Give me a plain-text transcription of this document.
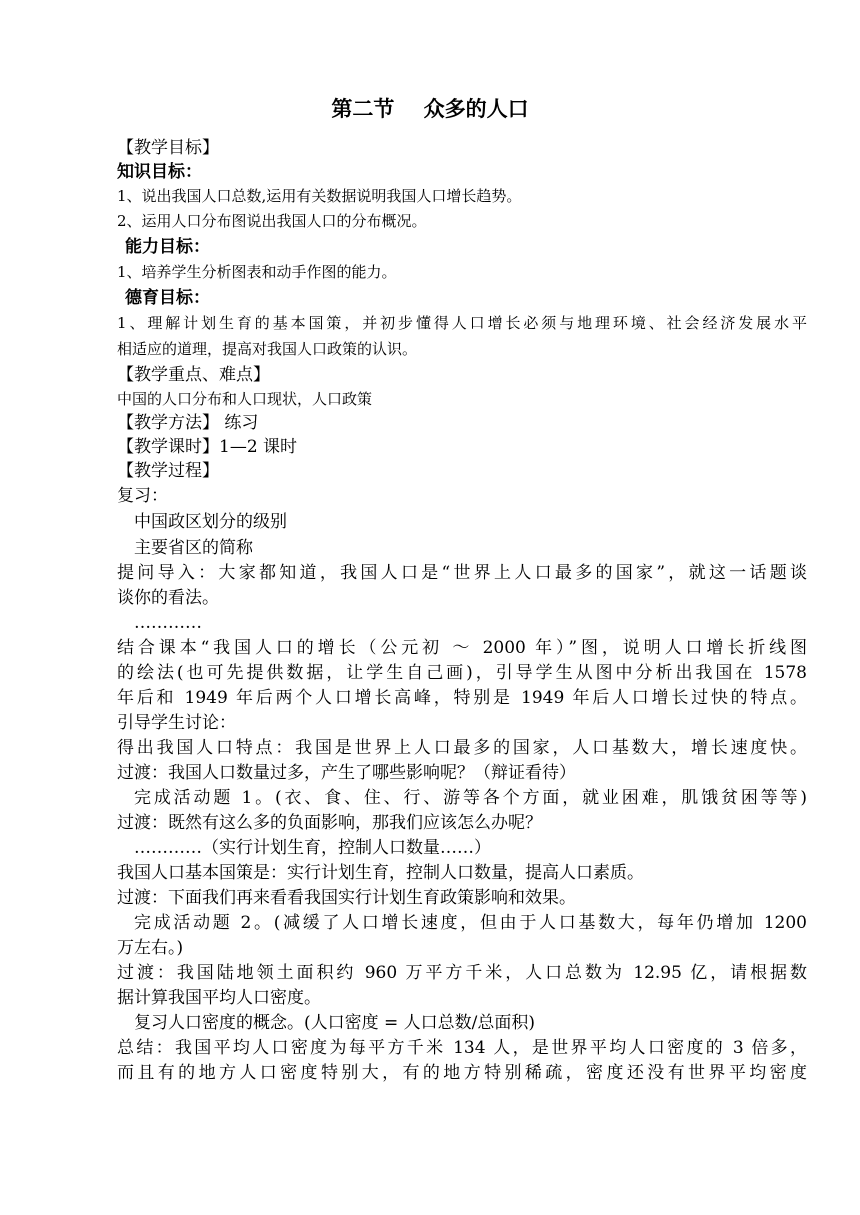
第二节    众多的人口
【教学目标】
知识目标：
1、说出我国人口总数,运用有关数据说明我国人口增长趋势。
2、运用人口分布图说出我国人口的分布概况。
能力目标：
1、培养学生分析图表和动手作图的能力。
德育目标：
1、理解计划生育的基本国策，并初步懂得人口增长必须与地理环境、社会经济发展水平
相适应的道理，提高对我国人口政策的认识。
【教学重点、难点】
中国的人口分布和人口现状，人口政策
【教学方法】 练习
【教学课时】1—2 课时
【教学过程】
复习：
中国政区划分的级别
主要省区的简称
提问导入：大家都知道，我国人口是“世界上人口最多的国家”，就这一话题谈
谈你的看法。
…………
结合课本“我国人口的增长（公元初 ～ 2000 年）”图，说明人口增长折线图
的绘法(也可先提供数据，让学生自己画)，引导学生从图中分析出我国在 1578
年后和 1949 年后两个人口增长高峰，特别是 1949 年后人口增长过快的特点。
引导学生讨论：
得出我国人口特点：我国是世界上人口最多的国家，人口基数大，增长速度快。
过渡：我国人口数量过多，产生了哪些影响呢？（辩证看待）
完成活动题 1。(衣、食、住、行、游等各个方面，就业困难，肌饿贫困等等)
过渡：既然有这么多的负面影响，那我们应该怎么办呢？
…………（实行计划生育，控制人口数量……）
我国人口基本国策是：实行计划生育，控制人口数量，提高人口素质。
过渡：下面我们再来看看我国实行计划生育政策影响和效果。
完成活动题 2。(减缓了人口增长速度，但由于人口基数大，每年仍增加 1200
万左右。)
过渡：我国陆地领土面积约 960 万平方千米，人口总数为 12.95 亿，请根据数
据计算我国平均人口密度。
复习人口密度的概念。(人口密度 = 人口总数/总面积)
总结：我国平均人口密度为每平方千米 134 人，是世界平均人口密度的 3 倍多，
而且有的地方人口密度特别大，有的地方特别稀疏，密度还没有世界平均密度
